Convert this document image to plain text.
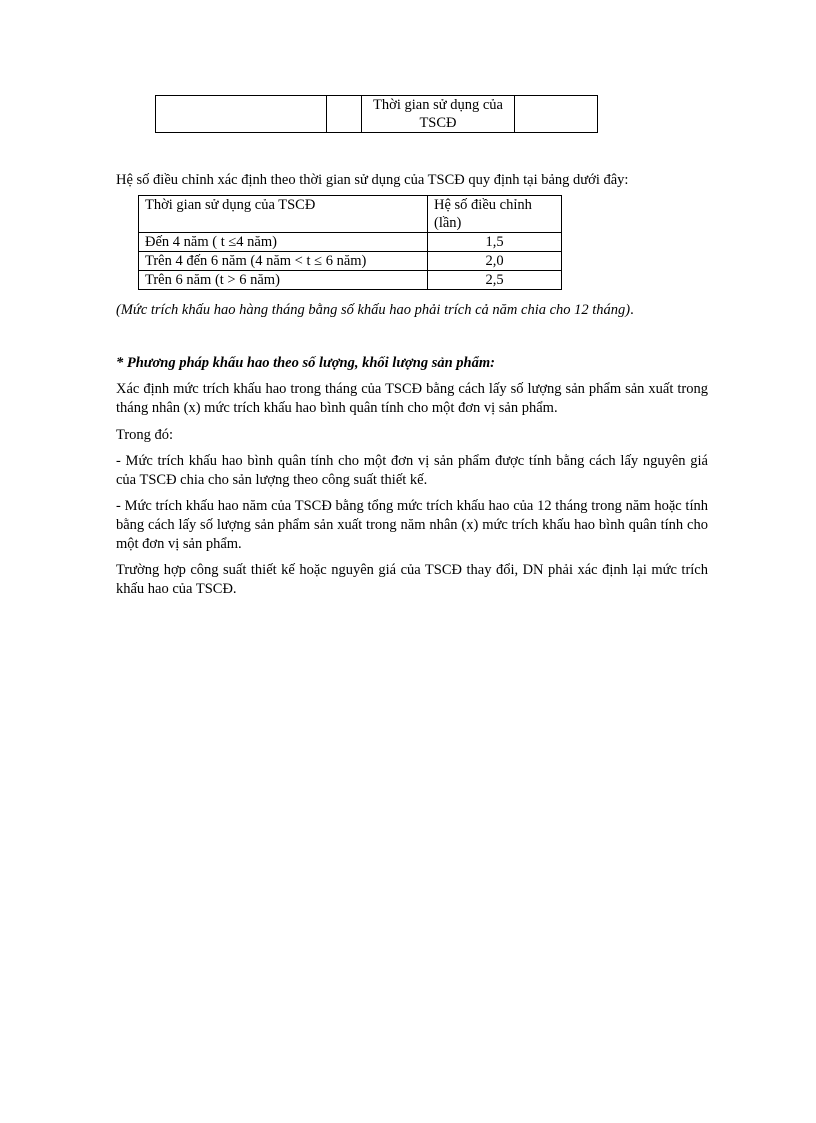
		Thời gian sử dụng của TSCĐ	

Hệ số điều chỉnh xác định theo thời gian sử dụng của TSCĐ quy định tại bảng dưới đây:

Thời gian sử dụng của TSCĐ	Hệ số điều chỉnh (lần)
Đến 4 năm ( t ≤4 năm)	1,5
Trên 4 đến 6 năm (4 năm < t ≤ 6 năm)	2,0
Trên 6 năm (t > 6 năm)	2,5

(Mức trích khấu hao hàng tháng bằng số khấu hao phải trích cả năm chia cho 12 tháng).

* Phương pháp khấu hao theo số lượng, khối lượng sản phẩm:

Xác định mức trích khấu hao trong tháng của TSCĐ bằng cách lấy số lượng sản phẩm sản xuất trong tháng nhân (x) mức trích khấu hao bình quân tính cho một đơn vị sản phẩm.

Trong đó:

- Mức trích khấu hao bình quân tính cho một đơn vị sản phẩm được tính bằng cách lấy nguyên giá của TSCĐ chia cho sản lượng theo công suất thiết kế.

- Mức trích khấu hao năm của TSCĐ bằng tổng mức trích khấu hao của 12 tháng trong năm hoặc tính bằng cách lấy số lượng sản phẩm sản xuất trong năm nhân (x) mức trích khấu hao bình quân tính cho một đơn vị sản phẩm.

Trường hợp công suất thiết kế hoặc nguyên giá của TSCĐ thay đổi, DN phải xác định lại mức trích khấu hao của TSCĐ.
